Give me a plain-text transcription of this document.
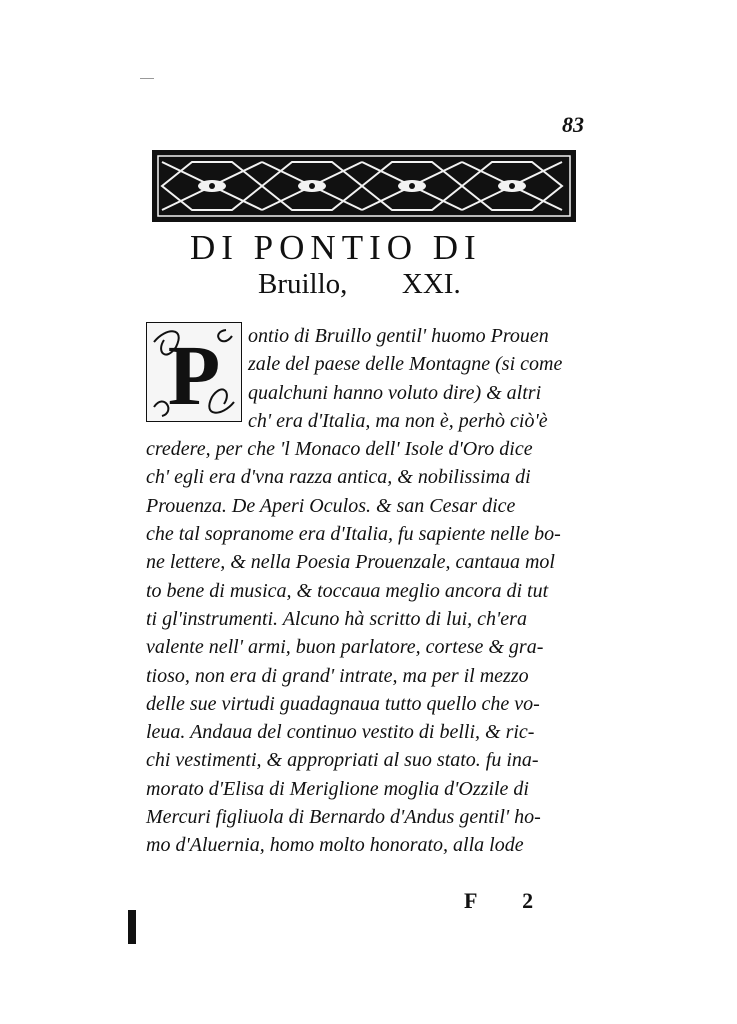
83
DI PONTIO DI
Bruillo, XXI.
P	ontio di Bruillo gentil' huomo Prouen
zale del paese delle Montagne (si come
qualchuni hanno voluto dire) & altri
ch' era d'Italia, ma non è, perhò ciò'è
credere, per che 'l Monaco dell' Isole d'Oro dice
ch' egli era d'vna razza antica, & nobilissima di
Prouenza. De Aperi Oculos. & san Cesar dice
che tal sopranome era d'Italia, fu sapiente nelle bo-
ne lettere, & nella Poesia Prouenzale, cantaua mol
to bene di musica, & toccaua meglio ancora di tut
ti gl'instrumenti. Alcuno hà scritto di lui, ch'era
valente nell' armi, buon parlatore, cortese & gra-
tioso, non era di grand' intrate, ma per il mezzo
delle sue virtudi guadagnaua tutto quello che vo-
leua. Andaua del continuo vestito di belli, & ric-
chi vestimenti, & appropriati al suo stato. fu ina-
morato d'Elisa di Meriglione moglia d'Ozzile di
Mercuri figliuola di Bernardo d'Andus gentil' ho-
mo d'Aluernia, homo molto honorato, alla lode
F 2
